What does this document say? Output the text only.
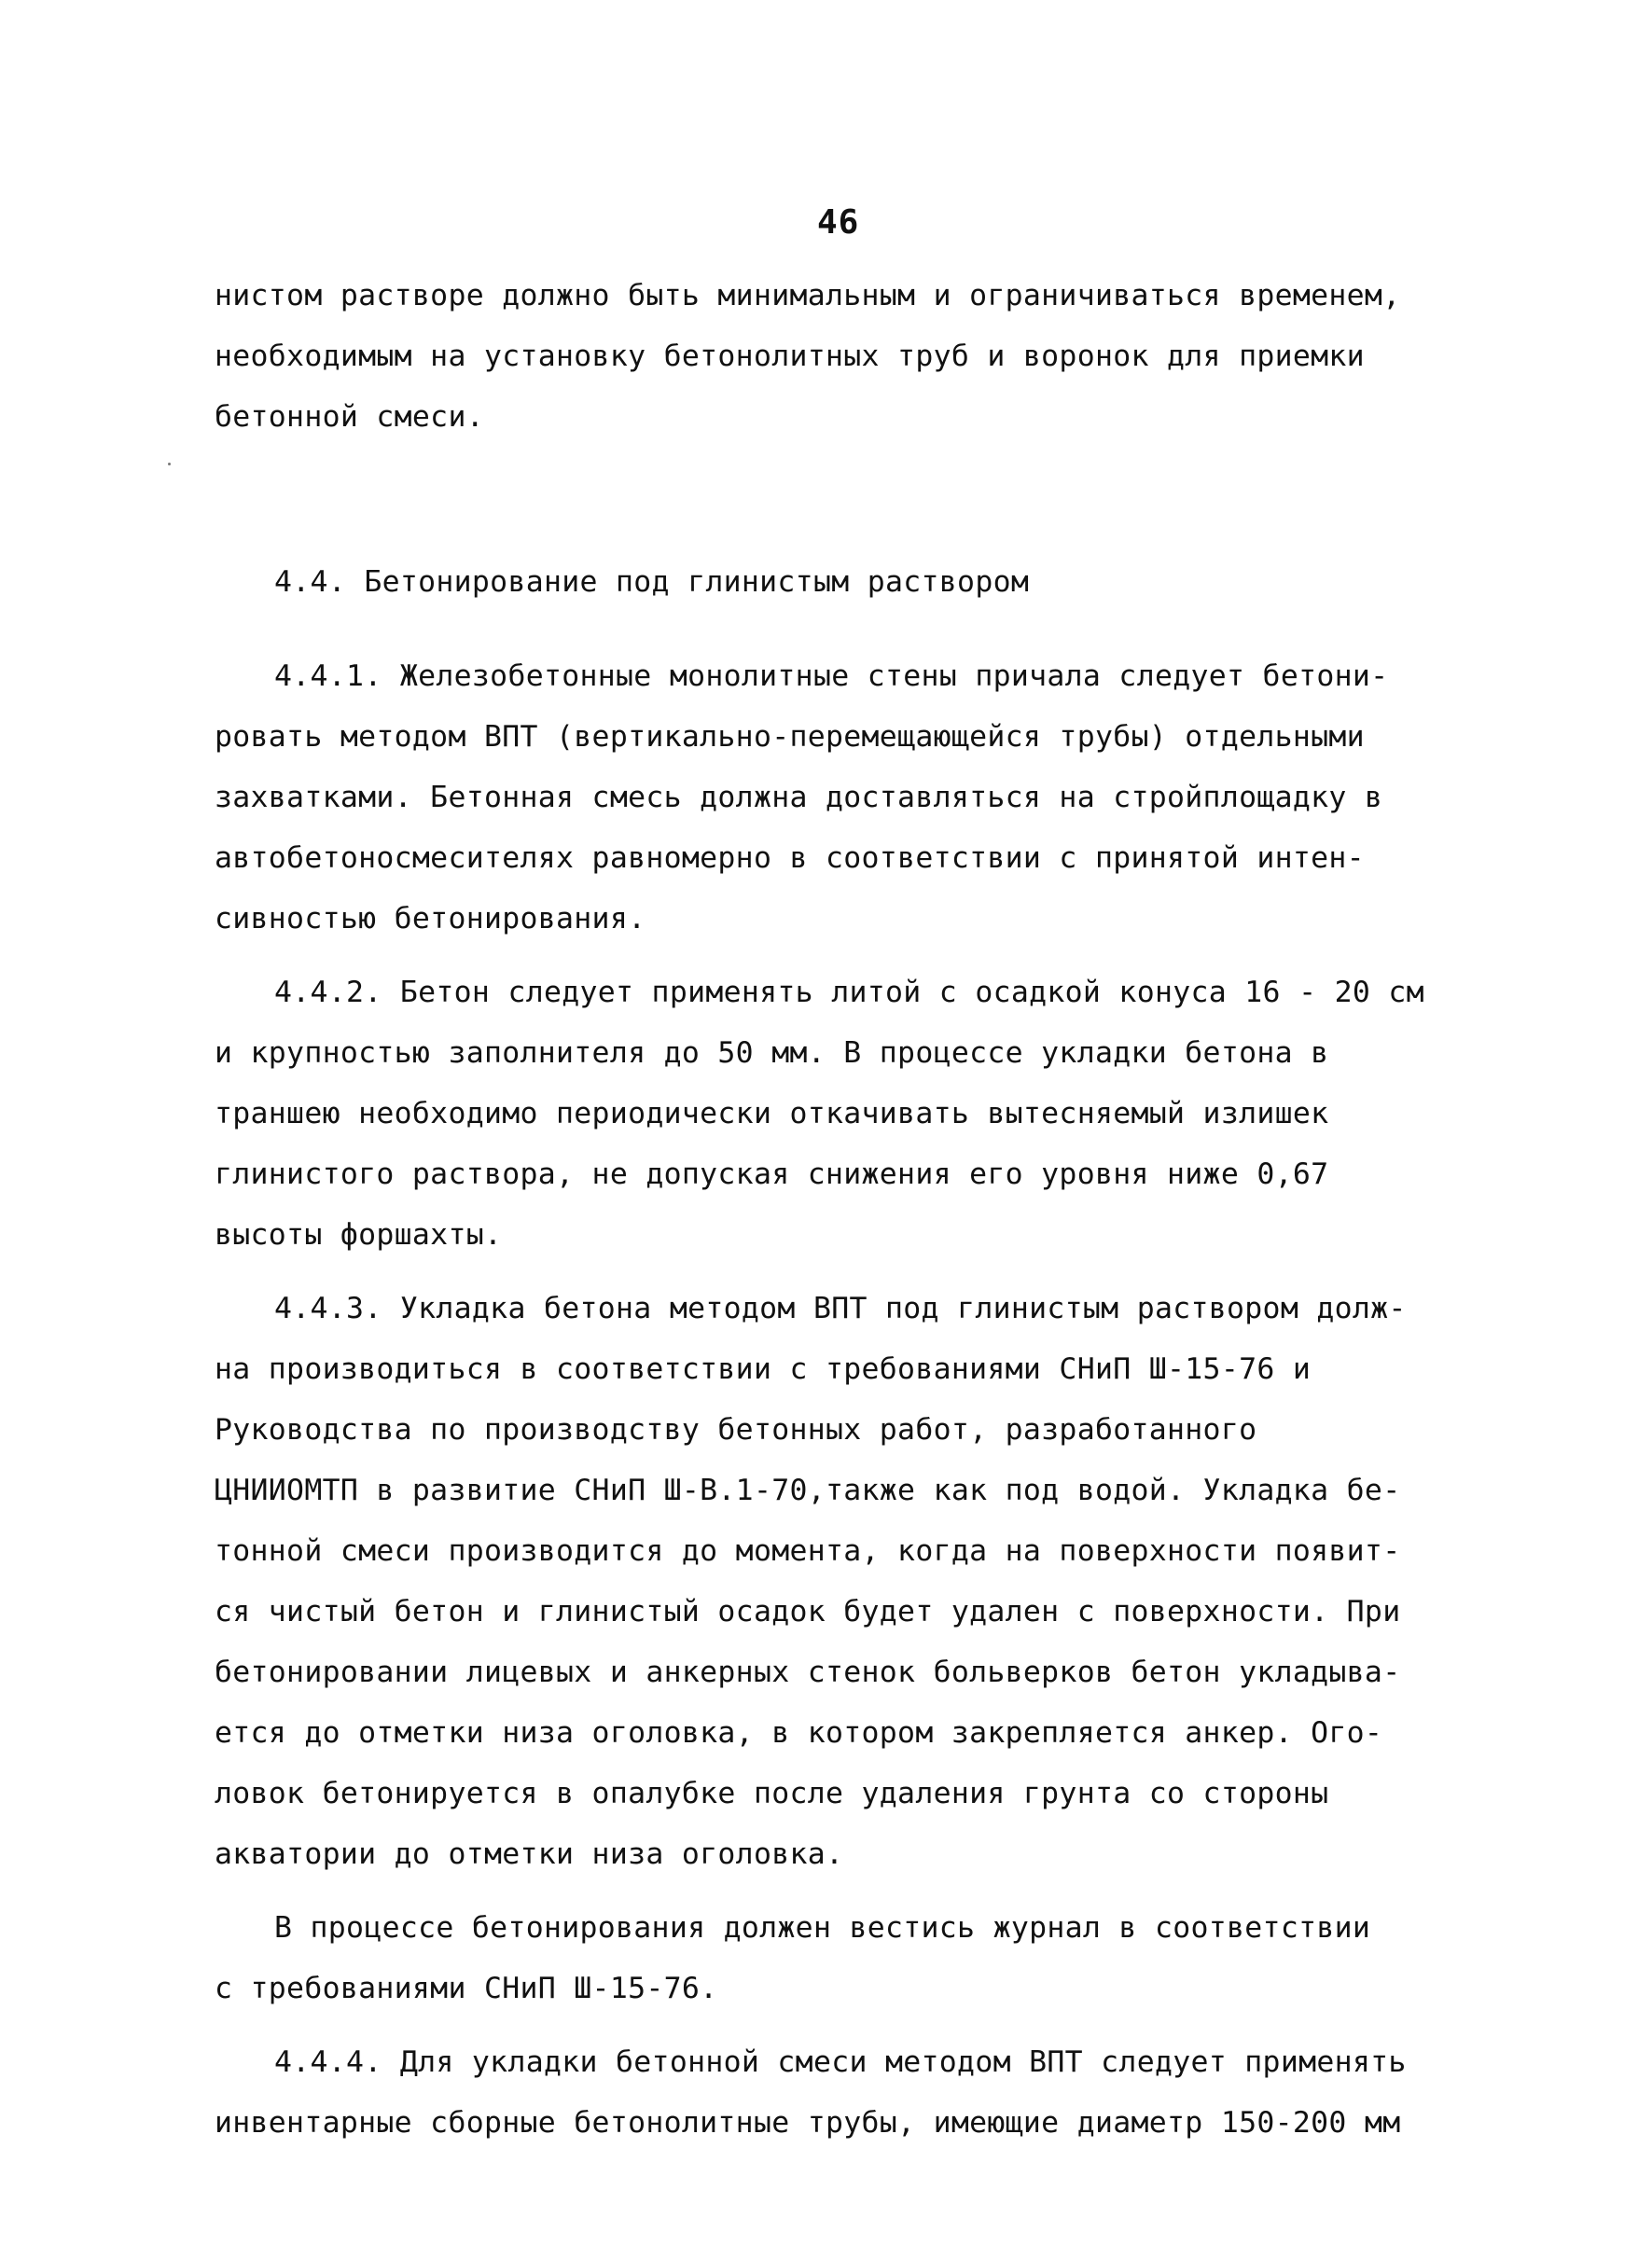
46
нистом растворе должно быть минимальным и ограничиваться временем,
необходимым на установку бетонолитных труб и воронок для приемки
бетонной смеси.
4.4. Бетонирование под глинистым раствором
4.4.1. Железобетонные монолитные стены причала следует бетони-
ровать методом ВПТ (вертикально-перемещающейся трубы) отдельными
захватками. Бетонная смесь должна доставляться на стройплощадку в
автобетоносмесителях равномерно в соответствии с принятой интен-
сивностью бетонирования.
4.4.2. Бетон следует применять литой с осадкой конуса 16 - 20 см
и крупностью заполнителя до 50 мм. В процессе укладки бетона в
траншею необходимо периодически откачивать вытесняемый излишек
глинистого раствора, не допуская снижения его уровня ниже 0,67
высоты форшахты.
4.4.3. Укладка бетона методом ВПТ под глинистым раствором долж-
на производиться в соответствии с требованиями СНиП Ш-15-76 и
Руководства по производству бетонных работ, разработанного
ЦНИИОМТП в развитие СНиП Ш-В.1-70,также как под водой. Укладка бе-
тонной смеси производится до момента, когда на поверхности появит-
ся чистый бетон и глинистый осадок будет удален с поверхности. При
бетонировании лицевых и анкерных стенок больверков бетон укладыва-
ется до отметки низа оголовка, в котором закрепляется анкер. Ого-
ловок бетонируется в опалубке после удаления грунта со стороны
акватории до отметки низа оголовка.
В процессе бетонирования должен вестись журнал в соответствии
с требованиями СНиП Ш-15-76.
4.4.4. Для укладки бетонной смеси методом ВПТ следует применять
инвентарные сборные бетонолитные трубы, имеющие диаметр 150-200 мм
